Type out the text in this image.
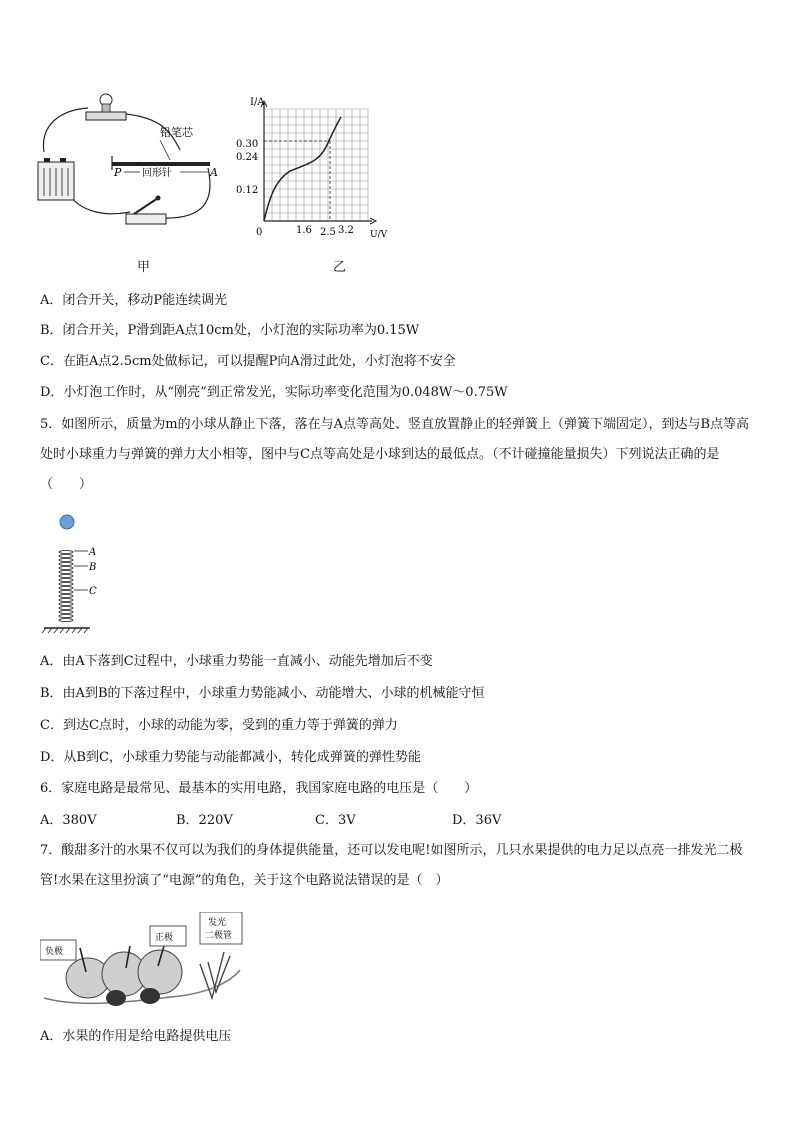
铅笔芯
P 回形针	A
甲
I/A
U/V
0.30
0.24
0.12
0	1.6 2.5 3.2
乙
A．闭合开关，移动P能连续调光
B．闭合开关，P滑到距A点10cm处，小灯泡的实际功率为0.15W
C．在距A点2.5cm处做标记，可以提醒P向A滑过此处，小灯泡将不安全
D．小灯泡工作时，从“刚亮”到正常发光，实际功率变化范围为0.048W～0.75W
5．如图所示，质量为m的小球从静止下落，落在与A点等高处、竖直放置静止的轻弹簧上（弹簧下端固定），到达与B点等高处时小球重力与弹簧的弹力大小相等，图中与C点等高处是小球到达的最低点。（不计碰撞能量损失）下列说法正确的是（　　）
A
B
C
A．由A下落到C过程中，小球重力势能一直减小、动能先增加后不变
B．由A到B的下落过程中，小球重力势能减小、动能增大、小球的机械能守恒
C．到达C点时，小球的动能为零，受到的重力等于弹簧的弹力
D．从B到C，小球重力势能与动能都减小，转化成弹簧的弹性势能
6．家庭电路是最常见、最基本的实用电路，我国家庭电路的电压是（　　）
A．380V	B．220V	C．3V	D．36V
7．酸甜多汁的水果不仅可以为我们的身体提供能量，还可以发电呢!如图所示，几只水果提供的电力足以点亮一排发光二极管!水果在这里扮演了“电源”的角色，关于这个电路说法错误的是（　）
负极
正极
发光
二极管
A．水果的作用是给电路提供电压
